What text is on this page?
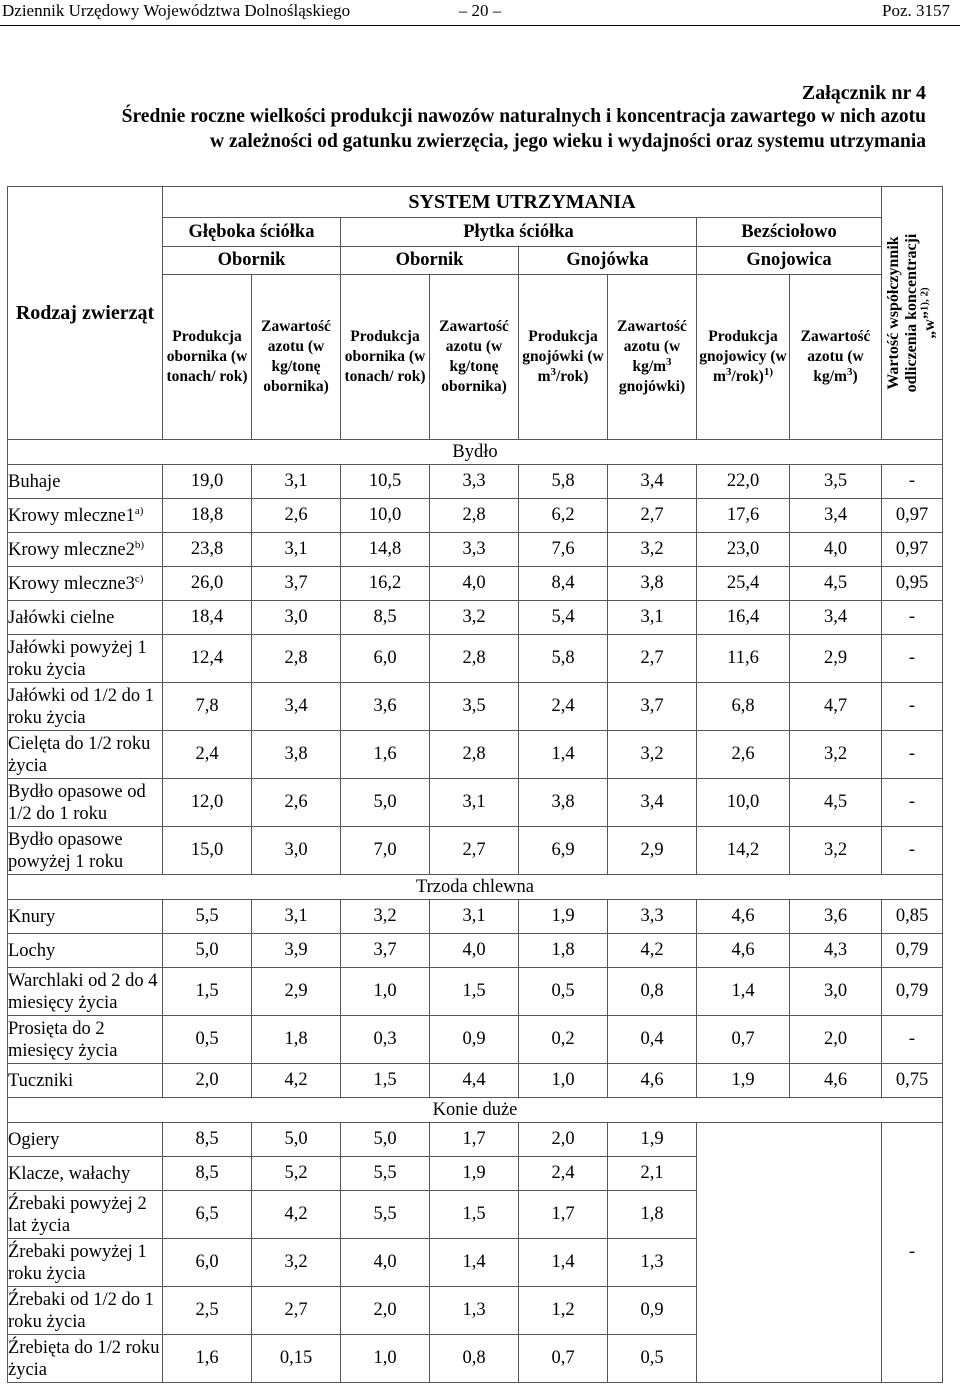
Dziennik Urzędowy Województwa Dolnośląskiego	– 20 –	Poz. 3157
Załącznik nr 4
Średnie roczne wielkości produkcji nawozów naturalnych i koncentracja zawartego w nich azotu
w zależności od gatunku zwierzęcia, jego wieku i wydajności oraz systemu utrzymania
Rodzaj zwierząt	SYSTEM UTRZYMANIA								Wartość współczynnik odliczenia koncentracji „w”$^{1), 2)}$

	Głęboka ściółka		Płytka ściółka				Bezściołowo		
	Obornik		Obornik		Gnojówka		Gnojowica		
	Produkcja obornika (w tonach/ rok)	Zawartość azotu (w kg/tonę obornika)	Produkcja obornika (w tonach/ rok)	Zawartość azotu (w kg/tonę obornika)	Produkcja gnojówki (w $m^3/rok$)	Zawartość azotu (w $kg/m^3$ gnojówki)	Produkcja gnojowicy (w $m^3/rok)^{1)}$	Zawartość azotu (w $kg/m^3$)	
Bydło									
Buhaje	19,0	3,1	10,5	3,3	5,8	3,4	22,0	3,5	-
Krowy mleczne1$^{a)}$	18,8	2,6	10,0	2,8	6,2	2,7	17,6	3,4	0,97
Krowy mleczne2$^{b)}$	23,8	3,1	14,8	3,3	7,6	3,2	23,0	4,0	0,97
Krowy mleczne3$^{c)}$	26,0	3,7	16,2	4,0	8,4	3,8	25,4	4,5	0,95
Jałówki cielne	18,4	3,0	8,5	3,2	5,4	3,1	16,4	3,4	-
Jałówki powyżej 1 roku życia	12,4	2,8	6,0	2,8	5,8	2,7	11,6	2,9	-
Jałówki od 1/2 do 1 roku życia	7,8	3,4	3,6	3,5	2,4	3,7	6,8	4,7	-
Cielęta do 1/2 roku życia	2,4	3,8	1,6	2,8	1,4	3,2	2,6	3,2	-
Bydło opasowe od 1/2 do 1 roku	12,0	2,6	5,0	3,1	3,8	3,4	10,0	4,5	-
Bydło opasowe powyżej 1 roku	15,0	3,0	7,0	2,7	6,9	2,9	14,2	3,2	-
Trzoda chlewna									
Knury	5,5	3,1	3,2	3,1	1,9	3,3	4,6	3,6	0,85
Lochy	5,0	3,9	3,7	4,0	1,8	4,2	4,6	4,3	0,79
Warchlaki od 2 do 4 miesięcy życia	1,5	2,9	1,0	1,5	0,5	0,8	1,4	3,0	0,79
Prosięta do 2 miesięcy życia	0,5	1,8	0,3	0,9	0,2	0,4	0,7	2,0	-
Tuczniki	2,0	4,2	1,5	4,4	1,0	4,6	1,9	4,6	0,75
Konie duże									
Ogiery	8,5	5,0	5,0	1,7	2,0	1,9			-
Klacze, wałachy	8,5	5,2	5,5	1,9	2,4	2,1			
Źrebaki powyżej 2 lat życia	6,5	4,2	5,5	1,5	1,7	1,8			
Źrebaki powyżej 1 roku życia	6,0	3,2	4,0	1,4	1,4	1,3			
Źrebaki od 1/2 do 1 roku życia	2,5	2,7	2,0	1,3	1,2	0,9			
Źrebięta do 1/2 roku życia	1,6	0,15	1,0	0,8	0,7	0,5			
